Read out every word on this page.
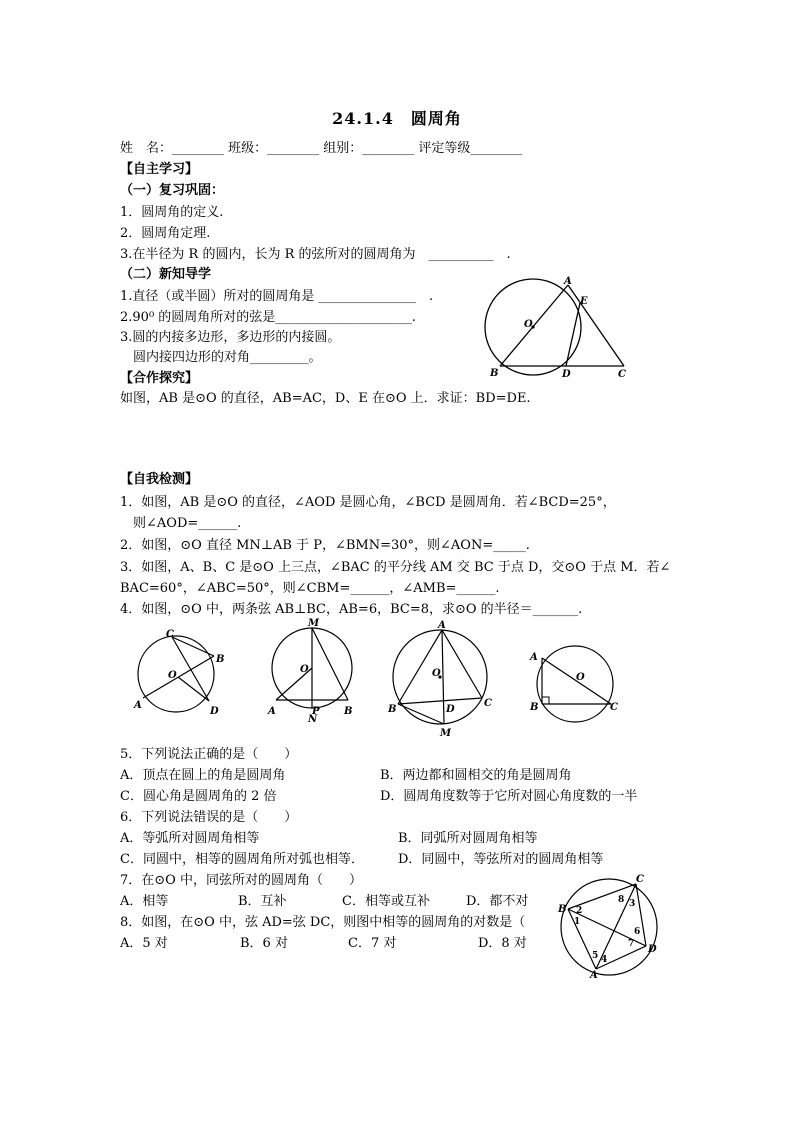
24.1.4　圆周角
姓　名：________ 班级：________ 组别：________ 评定等级________
【自主学习】
（一）复习巩固：
1．圆周角的定义.
2．圆周角定理.
3.在半径为 R 的圆内，长为 R 的弦所对的圆周角为　__________　.
（二）新知导学
1.直径（或半圆）所对的圆周角是 _______________　.
2.90⁰ 的圆周角所对的弦是_____________________.
3.圆的内接多边形，多边形的内接圆。
　圆内接四边形的对角_________。
【合作探究】
如图，AB 是⊙O 的直径，AB=AC，D、E 在⊙O 上．求证：BD=DE.
A
E
O
B	D	C
【自我检测】
1．如图，AB 是⊙O 的直径，∠AOD 是圆心角，∠BCD 是圆周角．若∠BCD=25°，
　则∠AOD=______.
2．如图，⊙O 直径 MN⊥AB 于 P，∠BMN=30°，则∠AON=_____.
3．如图，A、B、C 是⊙O 上三点，∠BAC 的平分线 AM 交 BC 于点 D，交⊙O 于点 M．若∠
BAC=60°，∠ABC=50°，则∠CBM=______，∠AMB=______.
4．如图，⊙O 中，两条弦 AB⊥BC，AB=6，BC=8，求⊙O 的半径＝_______.
C
B
O
A
D
M
O
A	P B
N
A
O
B	D
C
M
A
O
B	C
5．下列说法正确的是（　　）
A．顶点在圆上的角是圆周角	B．两边都和圆相交的角是圆周角
C．圆心角是圆周角的 2 倍	D．圆周角度数等于它所对圆心角度数的一半
6．下列说法错误的是（　　）
A．等弧所对圆周角相等	B．同弧所对圆周角相等
C．同圆中，相等的圆周角所对弧也相等．	D．同圆中，等弦所对的圆周角相等
7．在⊙O 中，同弦所对的圆周角（　　）
A．相等	B．互补	C．相等或互补	D．都不对
8．如图，在⊙O 中，弦 AD=弦 DC，则图中相等的圆周角的对数是（
A．5 对	B．6 对	C．7 对	D．8 对
B
C
D
A
1
2
3
4
5
6
7
8
